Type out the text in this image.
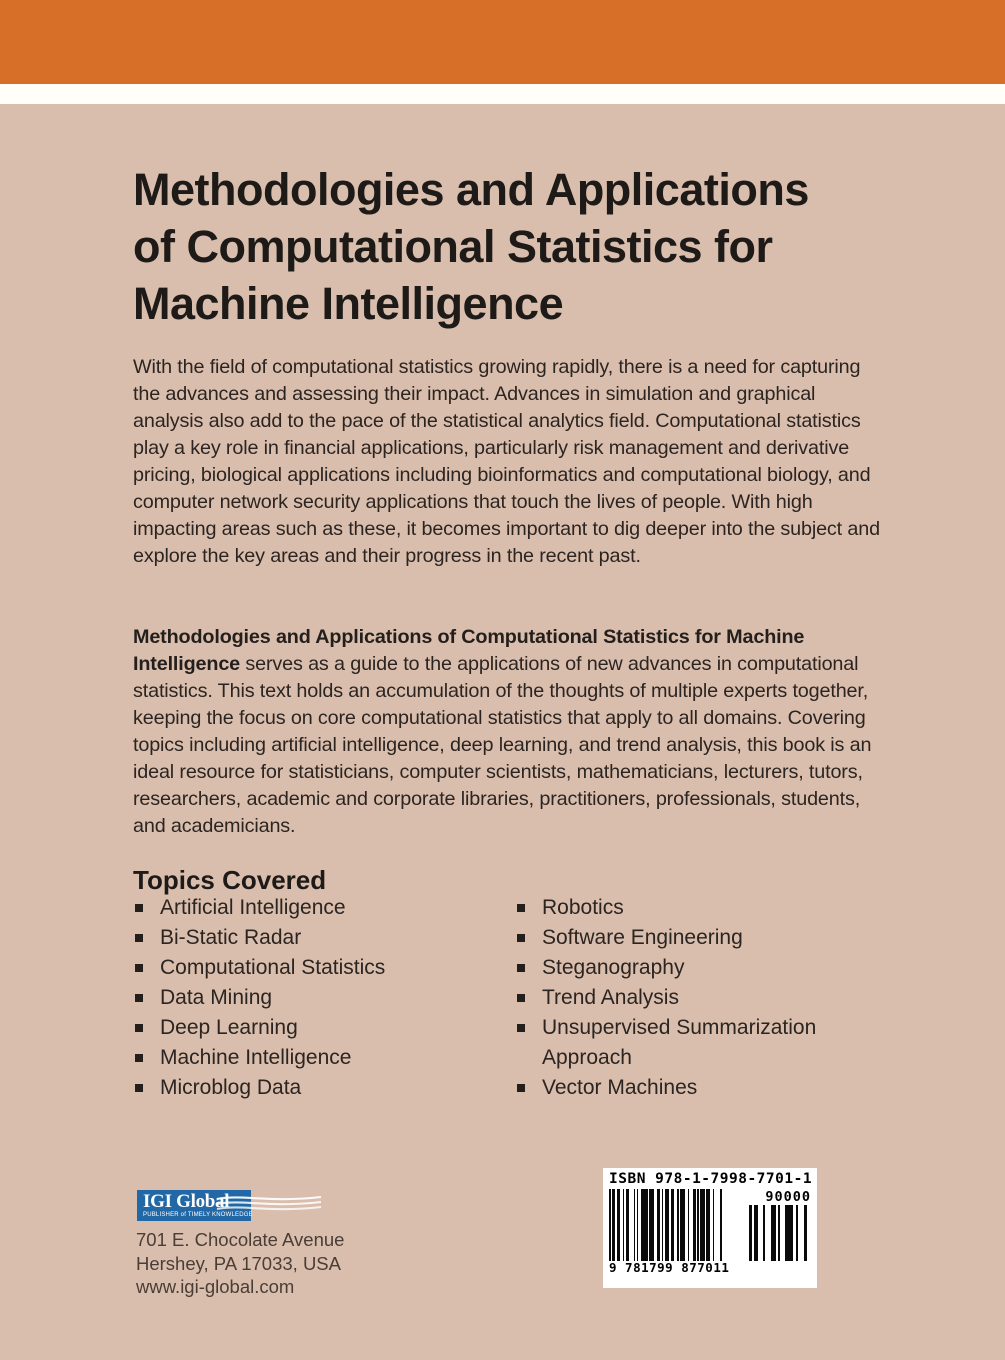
Methodologies and Applications
of Computational Statistics for
Machine Intelligence

With the field of computational statistics growing rapidly, there is a need for capturing the advances and assessing their impact. Advances in simulation and graphical analysis also add to the pace of the statistical analytics field. Computational statistics play a key role in financial applications, particularly risk management and derivative pricing, biological applications including bioinformatics and computational biology, and computer network security applications that touch the lives of people. With high impacting areas such as these, it becomes important to dig deeper into the subject and explore the key areas and their progress in the recent past.

Methodologies and Applications of Computational Statistics for Machine Intelligence serves as a guide to the applications of new advances in computational statistics. This text holds an accumulation of the thoughts of multiple experts together, keeping the focus on core computational statistics that apply to all domains. Covering topics including artificial intelligence, deep learning, and trend analysis, this book is an ideal resource for statisticians, computer scientists, mathematicians, lecturers, tutors, researchers, academic and corporate libraries, practitioners, professionals, students, and academicians.

Topics Covered
Artificial Intelligence
Bi-Static Radar
Computational Statistics
Data Mining
Deep Learning
Machine Intelligence
Microblog Data
Robotics
Software Engineering
Steganography
Trend Analysis
Unsupervised Summarization Approach
Vector Machines
IGI Global
PUBLISHER of TIMELY KNOWLEDGE
701 E. Chocolate Avenue
Hershey, PA 17033, USA
www.igi-global.com
ISBN 978-1-7998-7701-1
9 781799 877011
90000
